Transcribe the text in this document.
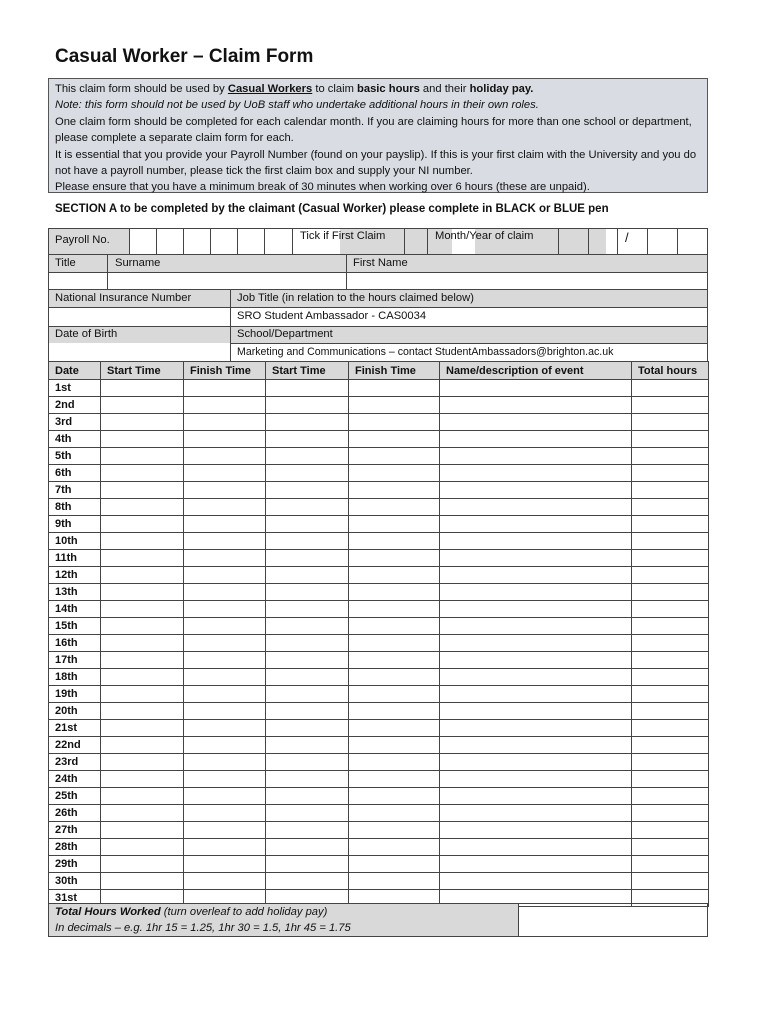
Casual Worker – Claim Form

This claim form should be used by Casual Workers to claim basic hours and their holiday pay.

Note: this form should not be used by UoB staff who undertake additional hours in their own roles.

One claim form should be completed for each calendar month. If you are claiming hours for more than one school or department, please complete a separate claim form for each.

It is essential that you provide your Payroll Number (found on your payslip). If this is your first claim with the University and you do not have a payroll number, please tick the first claim box and supply your NI number.

Please ensure that you have a minimum break of 30 minutes when working over 6 hours (these are unpaid).

SECTION A to be completed by the claimant (Casual Worker) please complete in BLACK or BLUE pen
Payroll No.	Tick if First Claim	Month/Year of claim	/
Title	Surname	First Name
National Insurance Number	Job Title (in relation to the hours claimed below)
SRO Student Ambassador - CAS0034
Date of Birth	School/Department
Marketing and Communications – contact StudentAmbassadors@brighton.ac.uk
Date	Start Time	Finish Time	Start Time	Finish Time	Name/description of event	Total hours
1st						
2nd						
3rd						
4th						
5th						
6th						
7th						
8th						
9th						
10th						
11th						
12th						
13th						
14th						
15th						
16th						
17th						
18th						
19th						
20th						
21st						
22nd						
23rd						
24th						
25th						
26th						
27th						
28th						
29th						
30th						
31st						
Total Hours Worked (turn overleaf to add holiday pay)
In decimals – e.g. 1hr 15 = 1.25, 1hr 30 = 1.5, 1hr 45 = 1.75
